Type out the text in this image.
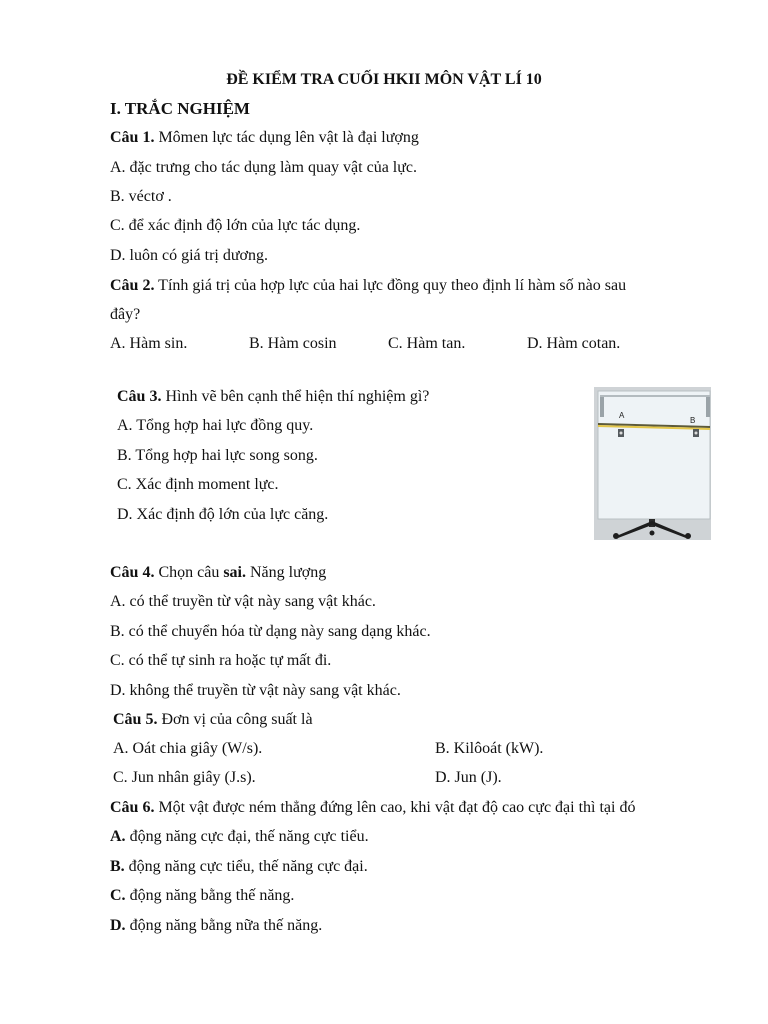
ĐỀ KIỂM TRA CUỐI HKII MÔN VẬT LÍ 10
I. TRẮC NGHIỆM
Câu 1. Mômen lực tác dụng lên vật là đại lượng
A. đặc trưng cho tác dụng làm quay vật của lực.
B. véctơ .
C. để xác định độ lớn của lực tác dụng.
D. luôn có giá trị dương.
Câu 2. Tính giá trị của hợp lực của hai lực đồng quy theo định lí hàm số nào sau
đây?
A. Hàm sin.	B. Hàm cosin	C. Hàm tan.	D. Hàm cotan.
Câu 3. Hình vẽ bên cạnh thể hiện thí nghiệm gì?
A. Tổng hợp hai lực đồng quy.
B. Tổng hợp hai lực song song.
C. Xác định moment lực.
D. Xác định độ lớn của lực căng.
A
B
Câu 4. Chọn câu sai. Năng lượng
A. có thể truyền từ vật này sang vật khác.
B. có thể chuyển hóa từ dạng này sang dạng khác.
C. có thể tự sinh ra hoặc tự mất đi.
D. không thể truyền từ vật này sang vật khác.
Câu 5. Đơn vị của công suất là
A. Oát chia giây (W/s).	B. Kilôoát (kW).
C. Jun nhân giây (J.s).	D. Jun (J).
Câu 6. Một vật được ném thẳng đứng lên cao, khi vật đạt độ cao cực đại thì tại đó
A. động năng cực đại, thế năng cực tiểu.
B. động năng cực tiểu, thế năng cực đại.
C. động năng bằng thế năng.
D. động năng bằng nữa thế năng.
